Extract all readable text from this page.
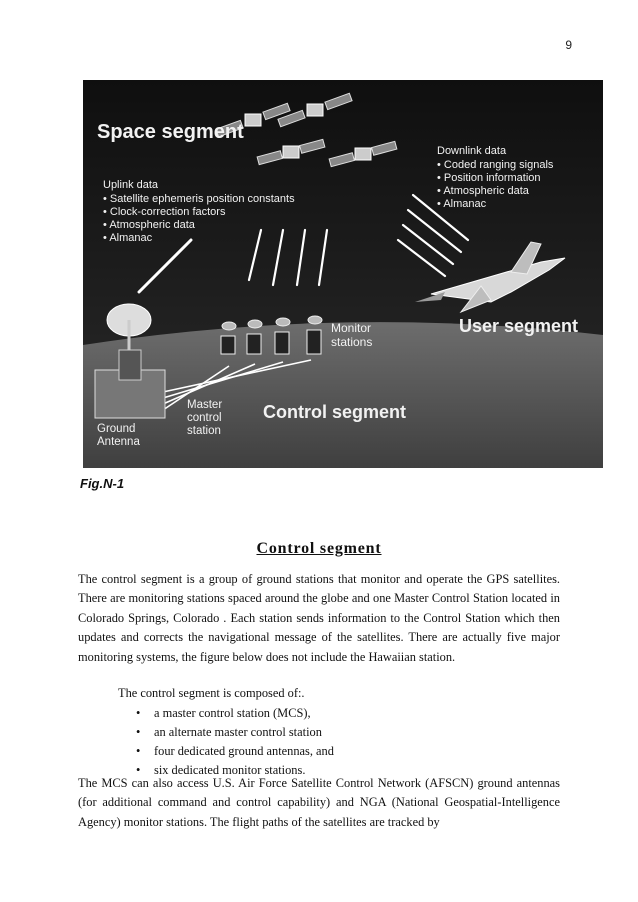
9
Space segment
Uplink data
• Satellite ephemeris position constants
• Clock-correction factors
• Atmospheric data
• Almanac
Downlink data
• Coded ranging signals
• Position information
• Atmospheric data
• Almanac
Monitor
stations
User segment
Master
control
station
Ground
Antenna
Control segment
Fig.N-1
Control segment
The control segment is a group of ground stations that monitor and operate the GPS satellites. There are monitoring stations spaced around the globe and one Master Control Station located in Colorado Springs, Colorado . Each station sends information to the Control Station which then updates and corrects the navigational message of the satellites. There are actually five major monitoring systems, the figure below does not include the Hawaiian station.
The control segment is composed of:.
• a master control station (MCS),
• an alternate master control station
• four dedicated ground antennas, and
• six dedicated monitor stations.
The MCS can also access U.S. Air Force Satellite Control Network (AFSCN) ground antennas (for additional command and control capability) and NGA (National Geospatial-Intelligence Agency) monitor stations. The flight paths of the satellites are tracked by
